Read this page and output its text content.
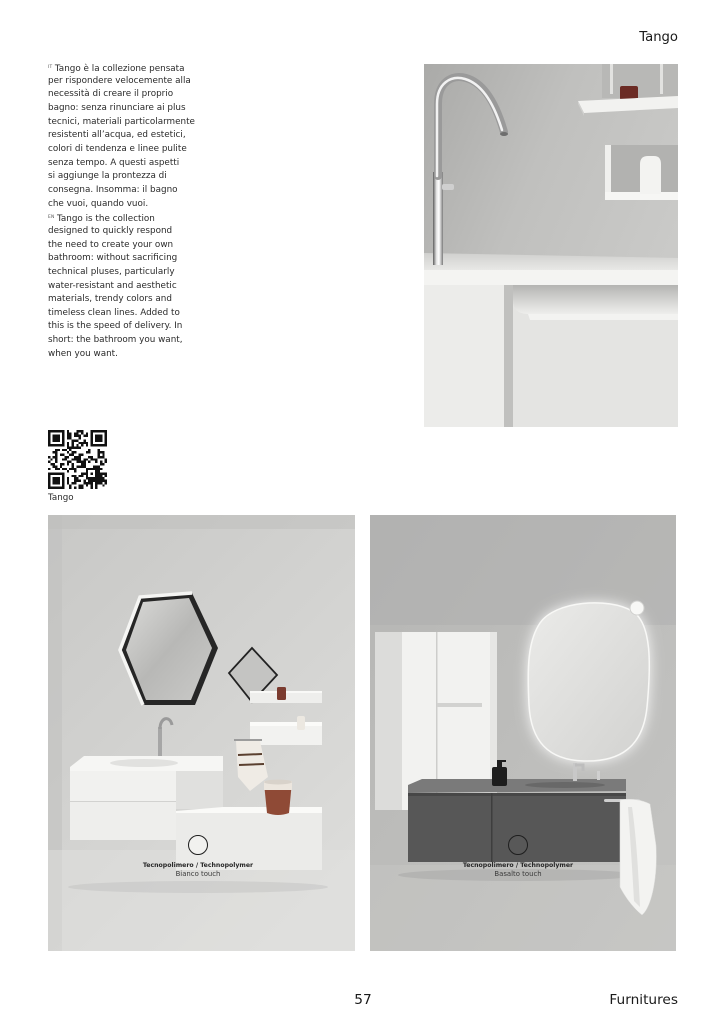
Tango
$^{IT}$ Tango è la collezione pensata
per rispondere velocemente alla
necessità di creare il proprio
bagno: senza rinunciare ai plus
tecnici, materiali particolarmente
resistenti all’acqua, ed estetici,
colori di tendenza e linee pulite
senza tempo. A questi aspetti
si aggiunge la prontezza di
consegna. Insomma: il bagno
che vuoi, quando vuoi.
$^{EN}$ Tango is the collection
designed to quickly respond
the need to create your own
bathroom: without sacrificing
technical pluses, particularly
water-resistant and aesthetic
materials, trendy colors and
timeless clean lines. Added to
this is the speed of delivery. In
short: the bathroom you want,
when you want.
Tango
Tecnopolimero / Technopolymer
Bianco touch
Tecnopolimero / Technopolymer
Basalto touch
57	Furnitures
